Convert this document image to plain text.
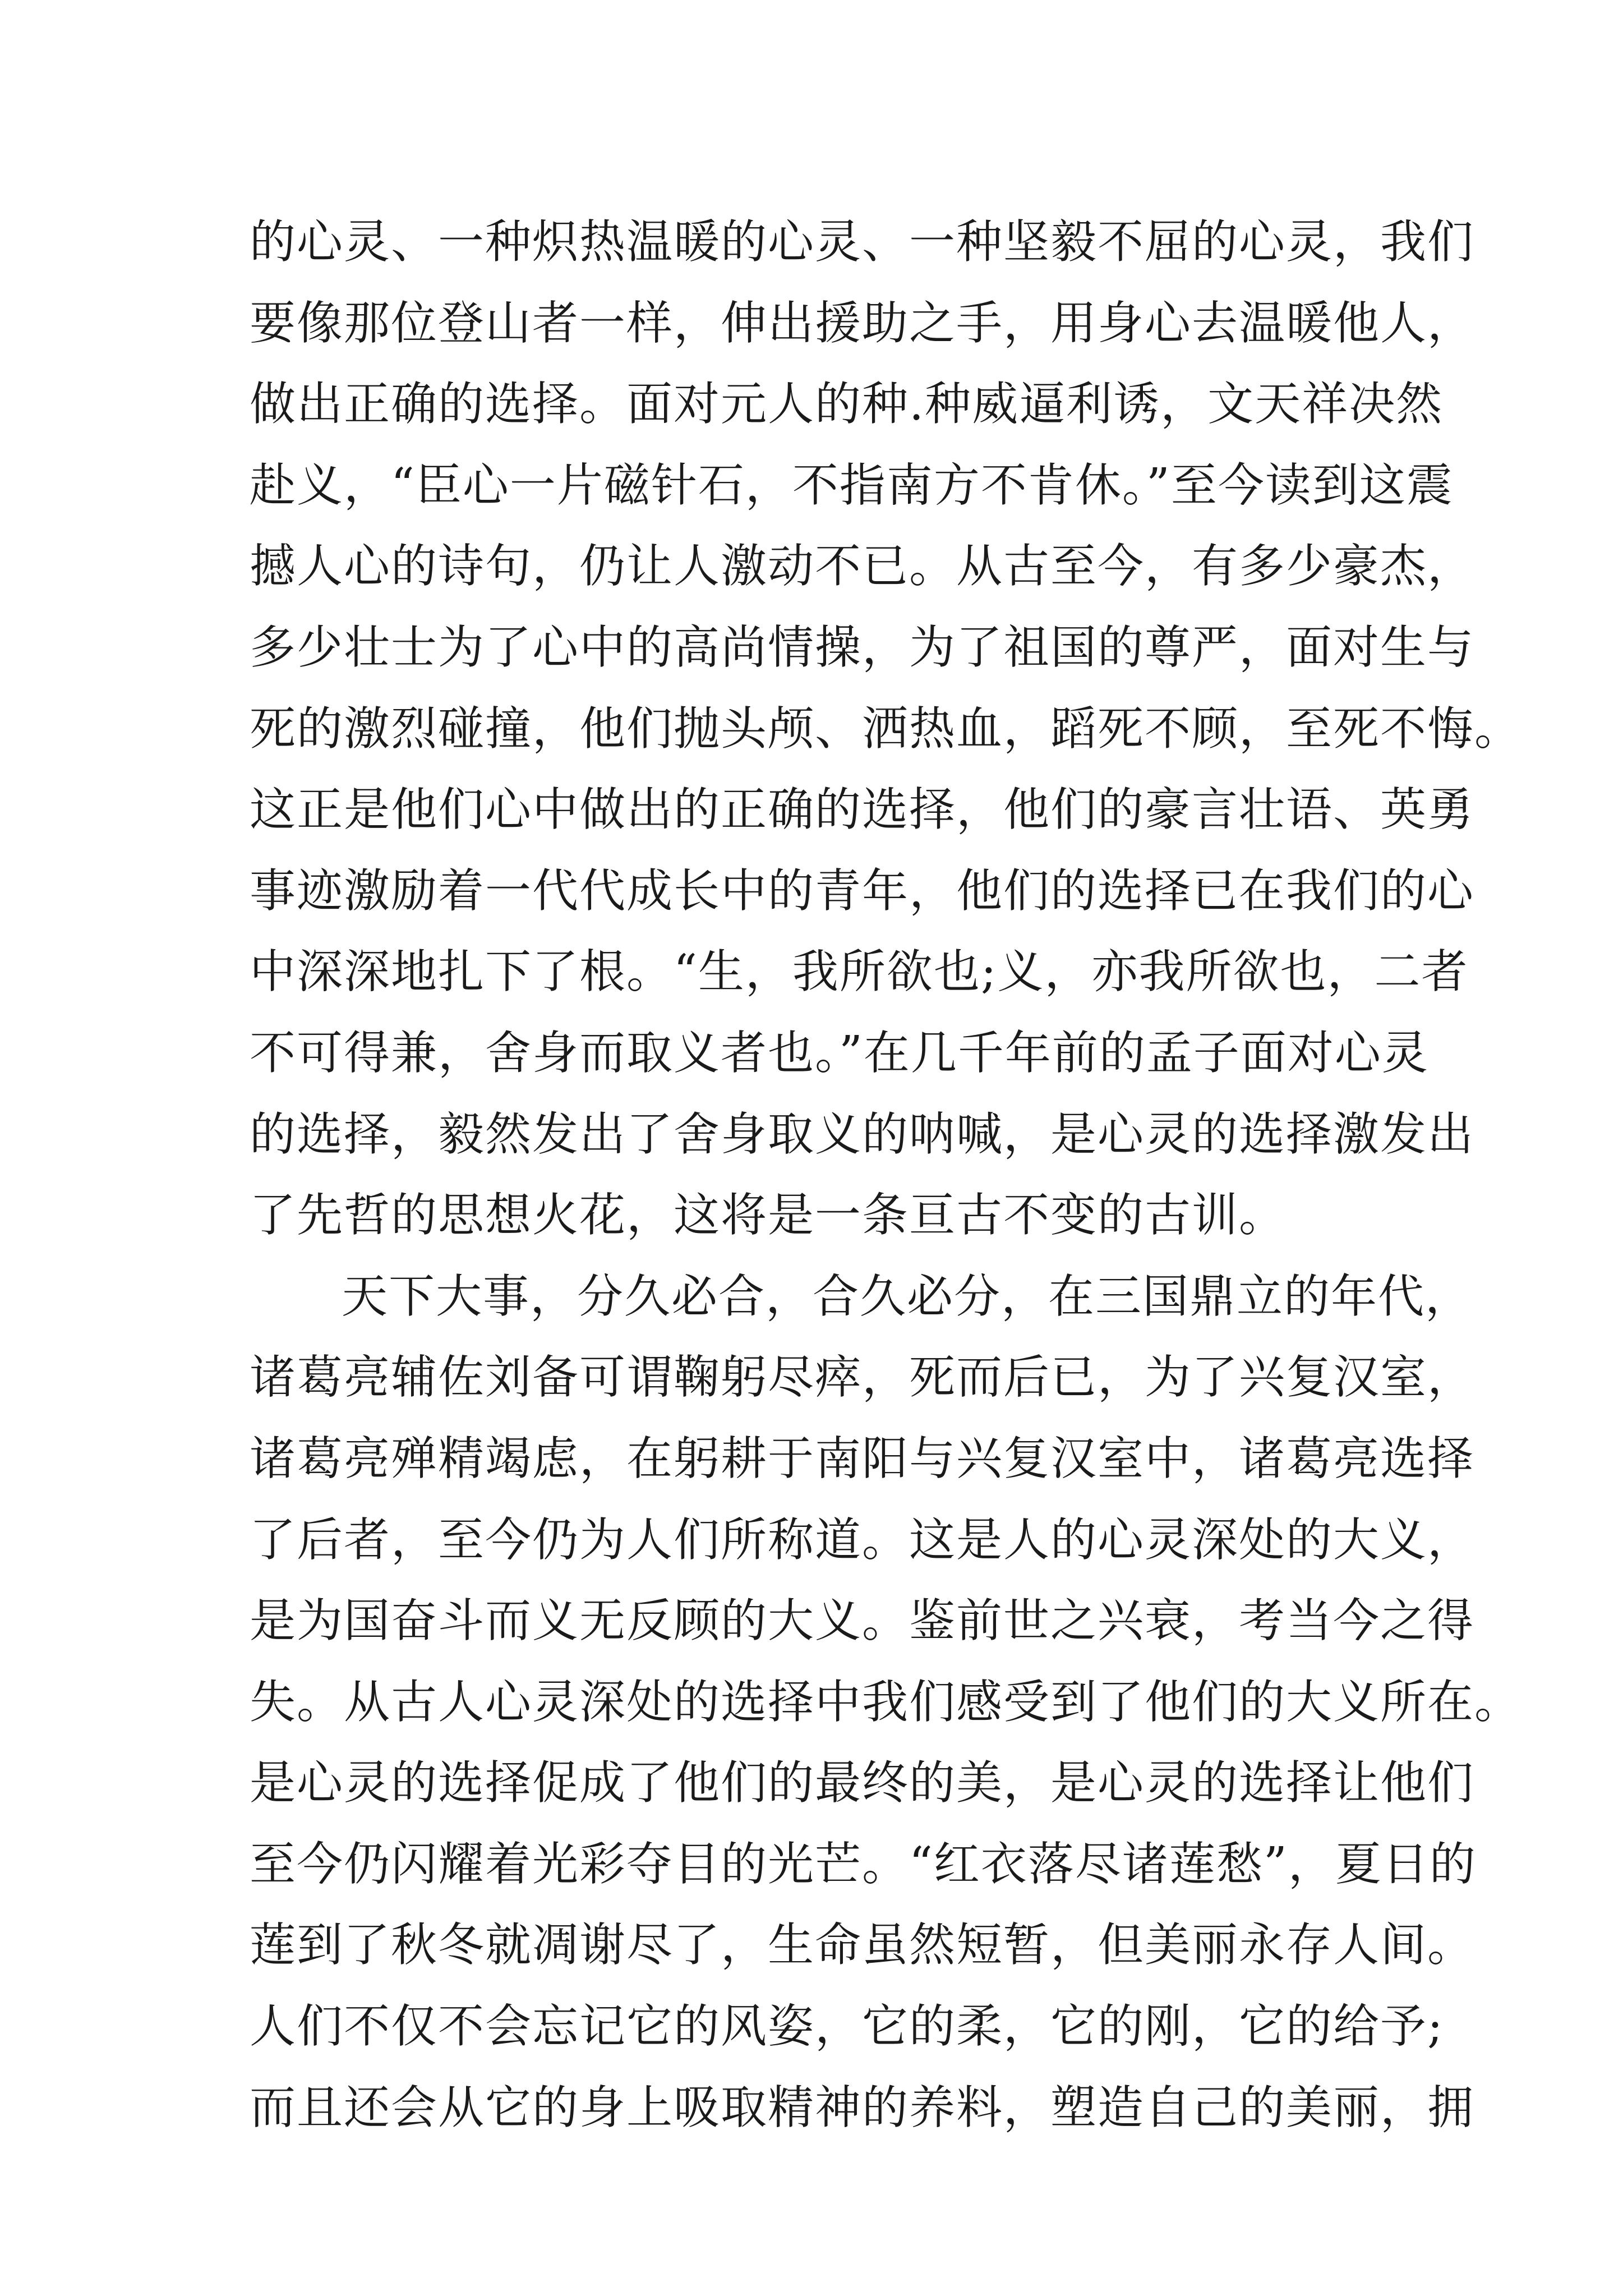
的心灵、一种炽热温暖的心灵、一种坚毅不屈的心灵，我们
要像那位登山者一样，伸出援助之手，用身心去温暖他人，
做出正确的选择。面对元人的种.种威逼利诱，文天祥决然
赴义，“臣心一片磁针石，不指南方不肯休。”至今读到这震
撼人心的诗句，仍让人激动不已。从古至今，有多少豪杰，
多少壮士为了心中的高尚情操，为了祖国的尊严，面对生与
死的激烈碰撞，他们抛头颅、洒热血，蹈死不顾，至死不悔。
这正是他们心中做出的正确的选择，他们的豪言壮语、英勇
事迹激励着一代代成长中的青年，他们的选择已在我们的心
中深深地扎下了根。“生，我所欲也;义，亦我所欲也，二者
不可得兼，舍身而取义者也。”在几千年前的孟子面对心灵
的选择，毅然发出了舍身取义的呐喊，是心灵的选择激发出
了先哲的思想火花，这将是一条亘古不变的古训。
天下大事，分久必合，合久必分，在三国鼎立的年代，
诸葛亮辅佐刘备可谓鞠躬尽瘁，死而后已，为了兴复汉室，
诸葛亮殚精竭虑，在躬耕于南阳与兴复汉室中，诸葛亮选择
了后者，至今仍为人们所称道。这是人的心灵深处的大义，
是为国奋斗而义无反顾的大义。鉴前世之兴衰，考当今之得
失。从古人心灵深处的选择中我们感受到了他们的大义所在。
是心灵的选择促成了他们的最终的美，是心灵的选择让他们
至今仍闪耀着光彩夺目的光芒。“红衣落尽诸莲愁”，夏日的
莲到了秋冬就凋谢尽了，生命虽然短暂，但美丽永存人间。
人们不仅不会忘记它的风姿，它的柔，它的刚，它的给予;
而且还会从它的身上吸取精神的养料，塑造自己的美丽，拥
